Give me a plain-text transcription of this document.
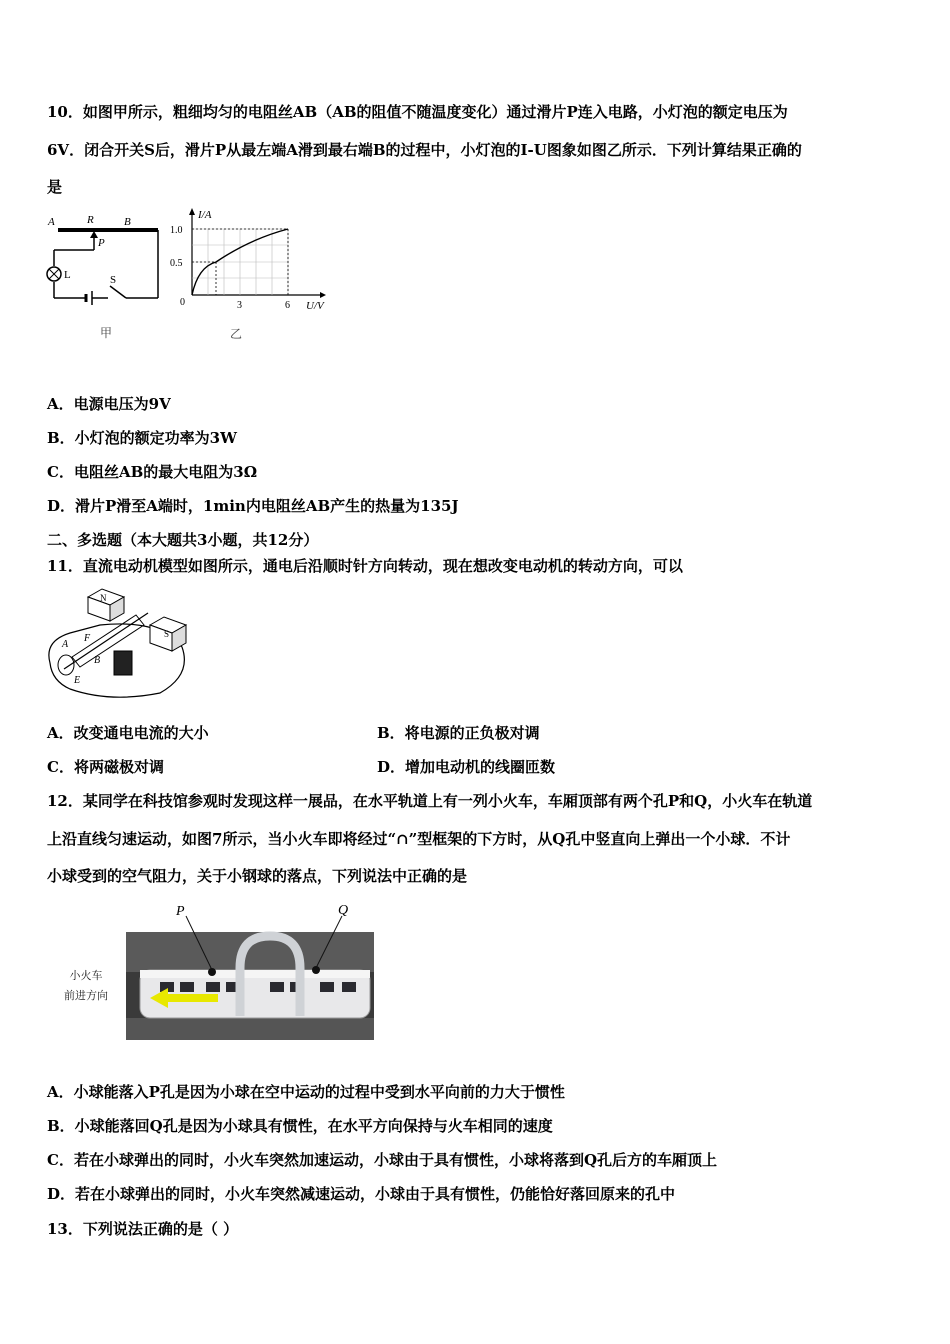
10．如图甲所示，粗细均匀的电阻丝AB（AB的阻值不随温度变化）通过滑片P连入电路，小灯泡的额定电压为
6V．闭合开关S后，滑片P从最左端A滑到最右端B的过程中，小灯泡的I-U图象如图乙所示．下列计算结果正确的
是
A	R	B
P
L	S
甲
I/A
U/V
0
1.0
0.5
3	6
乙
A．电源电压为9V
B．小灯泡的额定功率为3W
C．电阻丝AB的最大电阻为3Ω
D．滑片P滑至A端时，1min内电阻丝AB产生的热量为135J
二、多选题（本大题共3小题，共12分）
11．直流电动机模型如图所示，通电后沿顺时针方向转动，现在想改变电动机的转动方向，可以
N
S
A
F
B
E
A．改变通电电流的大小	B．将电源的正负极对调
C．将两磁极对调	D．增加电动机的线圈匝数
12．某同学在科技馆参观时发现这样一展品，在水平轨道上有一列小火车，车厢顶部有两个孔P和Q，小火车在轨道
上沿直线匀速运动，如图7所示，当小火车即将经过“∩”型框架的下方时，从Q孔中竖直向上弹出一个小球．不计
小球受到的空气阻力，关于小钢球的落点，下列说法中正确的是
小火车
前进方向
P	Q
A．小球能落入P孔是因为小球在空中运动的过程中受到水平向前的力大于惯性
B．小球能落回Q孔是因为小球具有惯性，在水平方向保持与火车相同的速度
C．若在小球弹出的同时，小火车突然加速运动，小球由于具有惯性，小球将落到Q孔后方的车厢顶上
D．若在小球弹出的同时，小火车突然减速运动，小球由于具有惯性，仍能恰好落回原来的孔中
13．下列说法正确的是（ ）
